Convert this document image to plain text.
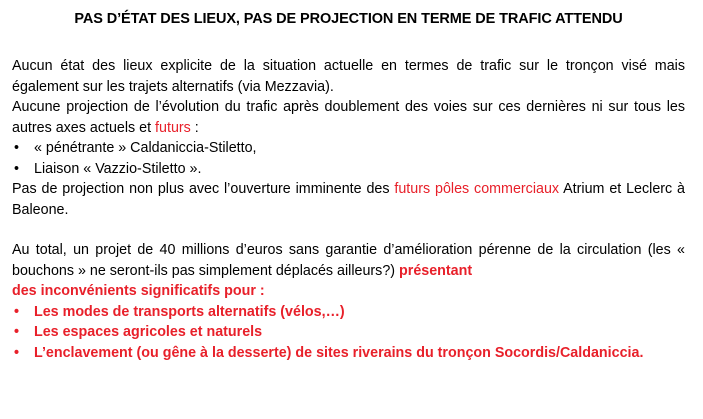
PAS D’ÉTAT DES LIEUX, PAS DE PROJECTION EN TERME DE TRAFIC ATTENDU

Aucun état des lieux explicite de la situation actuelle en termes de trafic sur le tronçon visé mais également sur les trajets alternatifs (via Mezzavia).

Aucune projection de l’évolution du trafic après doublement des voies sur ces dernières ni sur tous les autres axes actuels et futurs :

• « pénétrante » Caldaniccia-Stiletto,
• Liaison « Vazzio-Stiletto ».

Pas de projection non plus avec l’ouverture imminente des futurs pôles commerciaux Atrium et Leclerc à Baleone.

Au total, un projet de 40 millions d’euros sans garantie d’amélioration pérenne de la circulation (les « bouchons » ne seront-ils pas simplement déplacés ailleurs?) présentant

des inconvénients significatifs pour :

• Les modes de transports alternatifs (vélos,…)
• Les espaces agricoles et naturels
• L’enclavement (ou gêne à la desserte) de sites riverains du tronçon Socordis/Caldaniccia.
